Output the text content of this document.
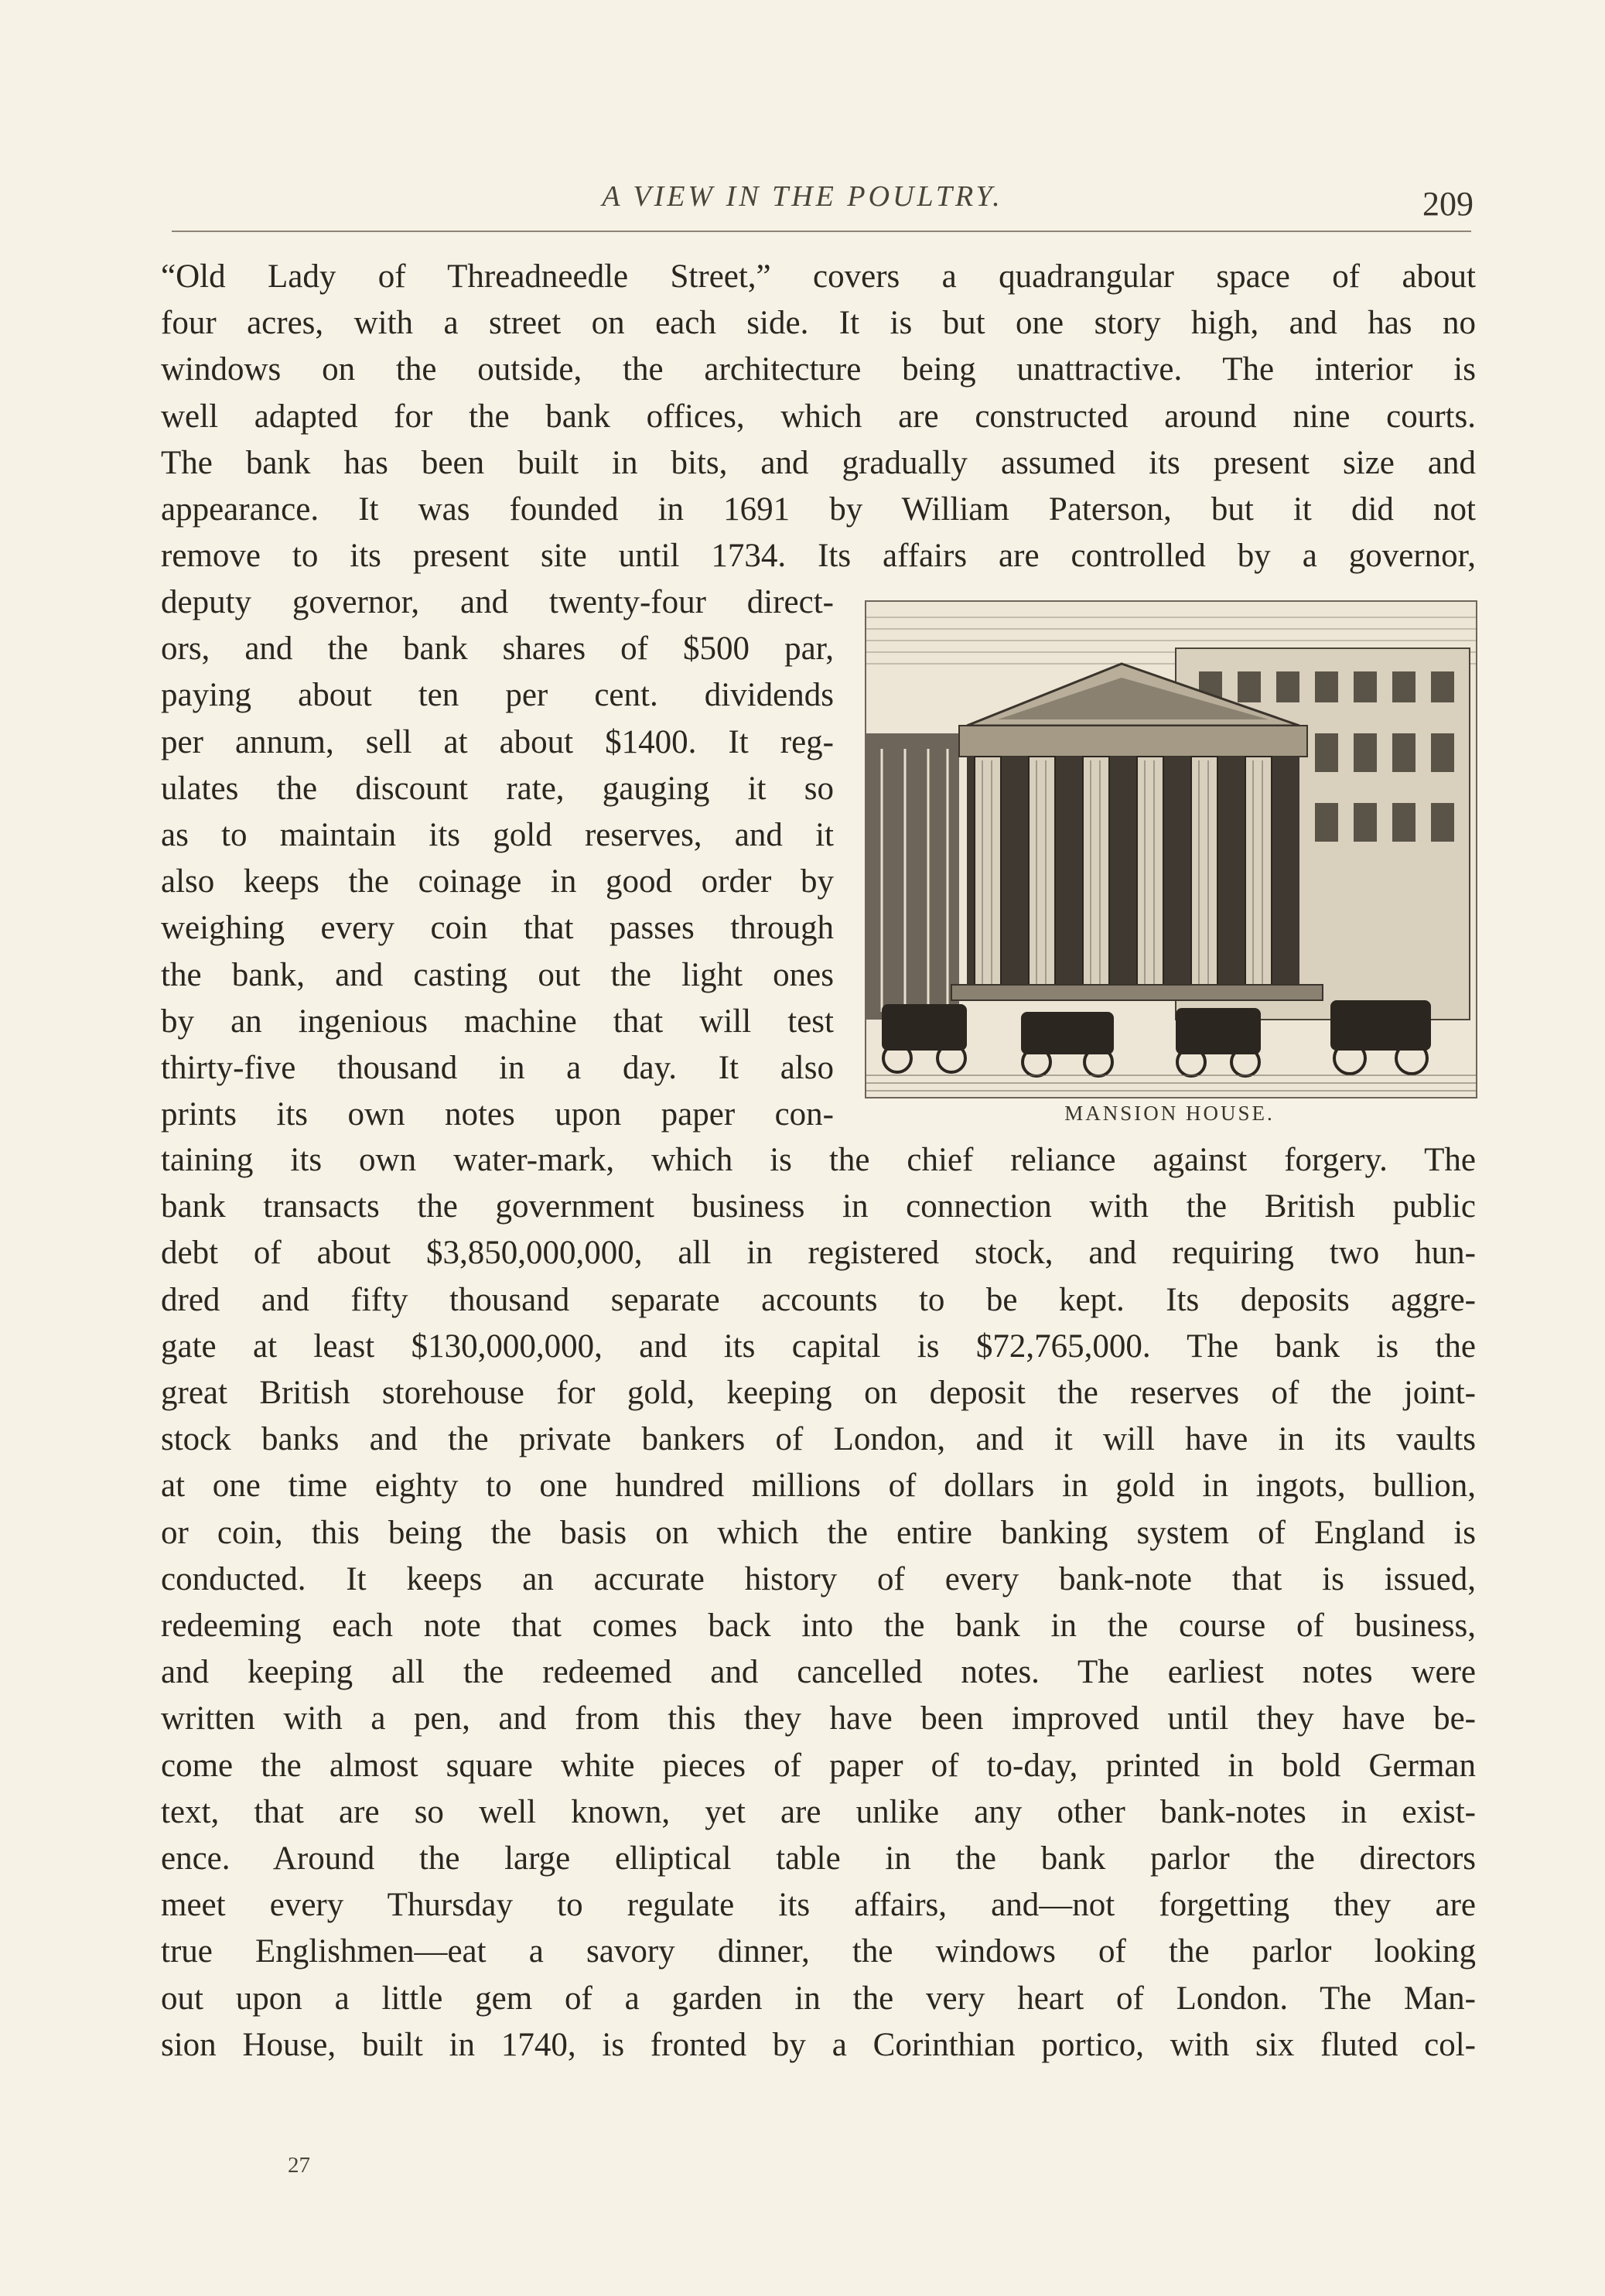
A VIEW IN THE POULTRY.	209
“Old Lady of Threadneedle Street,” covers a quadrangular space of about
four acres, with a street on each side. It is but one story high, and has no
windows on the outside, the architecture being unattractive. The interior is
well adapted for the bank offices, which are constructed around nine courts.
The bank has been built in bits, and gradually assumed its present size and
appearance. It was founded in 1691 by William Paterson, but it did not
remove to its present site until 1734. Its affairs are controlled by a governor,
deputy governor, and twenty-four direct-
ors, and the bank shares of $500 par,
paying about ten per cent. dividends
per annum, sell at about $1400. It reg-
ulates the discount rate, gauging it so
as to maintain its gold reserves, and it
also keeps the coinage in good order by
weighing every coin that passes through
the bank, and casting out the light ones
by an ingenious machine that will test
thirty-five thousand in a day. It also
prints its own notes upon paper con-	MANSION HOUSE.
taining its own water-mark, which is the chief reliance against forgery. The
bank transacts the government business in connection with the British public
debt of about $3,850,000,000, all in registered stock, and requiring two hun-
dred and fifty thousand separate accounts to be kept. Its deposits aggre-
gate at least $130,000,000, and its capital is $72,765,000. The bank is the
great British storehouse for gold, keeping on deposit the reserves of the joint-
stock banks and the private bankers of London, and it will have in its vaults
at one time eighty to one hundred millions of dollars in gold in ingots, bullion,
or coin, this being the basis on which the entire banking system of England is
conducted. It keeps an accurate history of every bank-note that is issued,
redeeming each note that comes back into the bank in the course of business,
and keeping all the redeemed and cancelled notes. The earliest notes were
written with a pen, and from this they have been improved until they have be-
come the almost square white pieces of paper of to-day, printed in bold German
text, that are so well known, yet are unlike any other bank-notes in exist-
ence. Around the large elliptical table in the bank parlor the directors
meet every Thursday to regulate its affairs, and—not forgetting they are
true Englishmen—eat a savory dinner, the windows of the parlor looking
out upon a little gem of a garden in the very heart of London. The Man-
sion House, built in 1740, is fronted by a Corinthian portico, with six fluted col-
27
